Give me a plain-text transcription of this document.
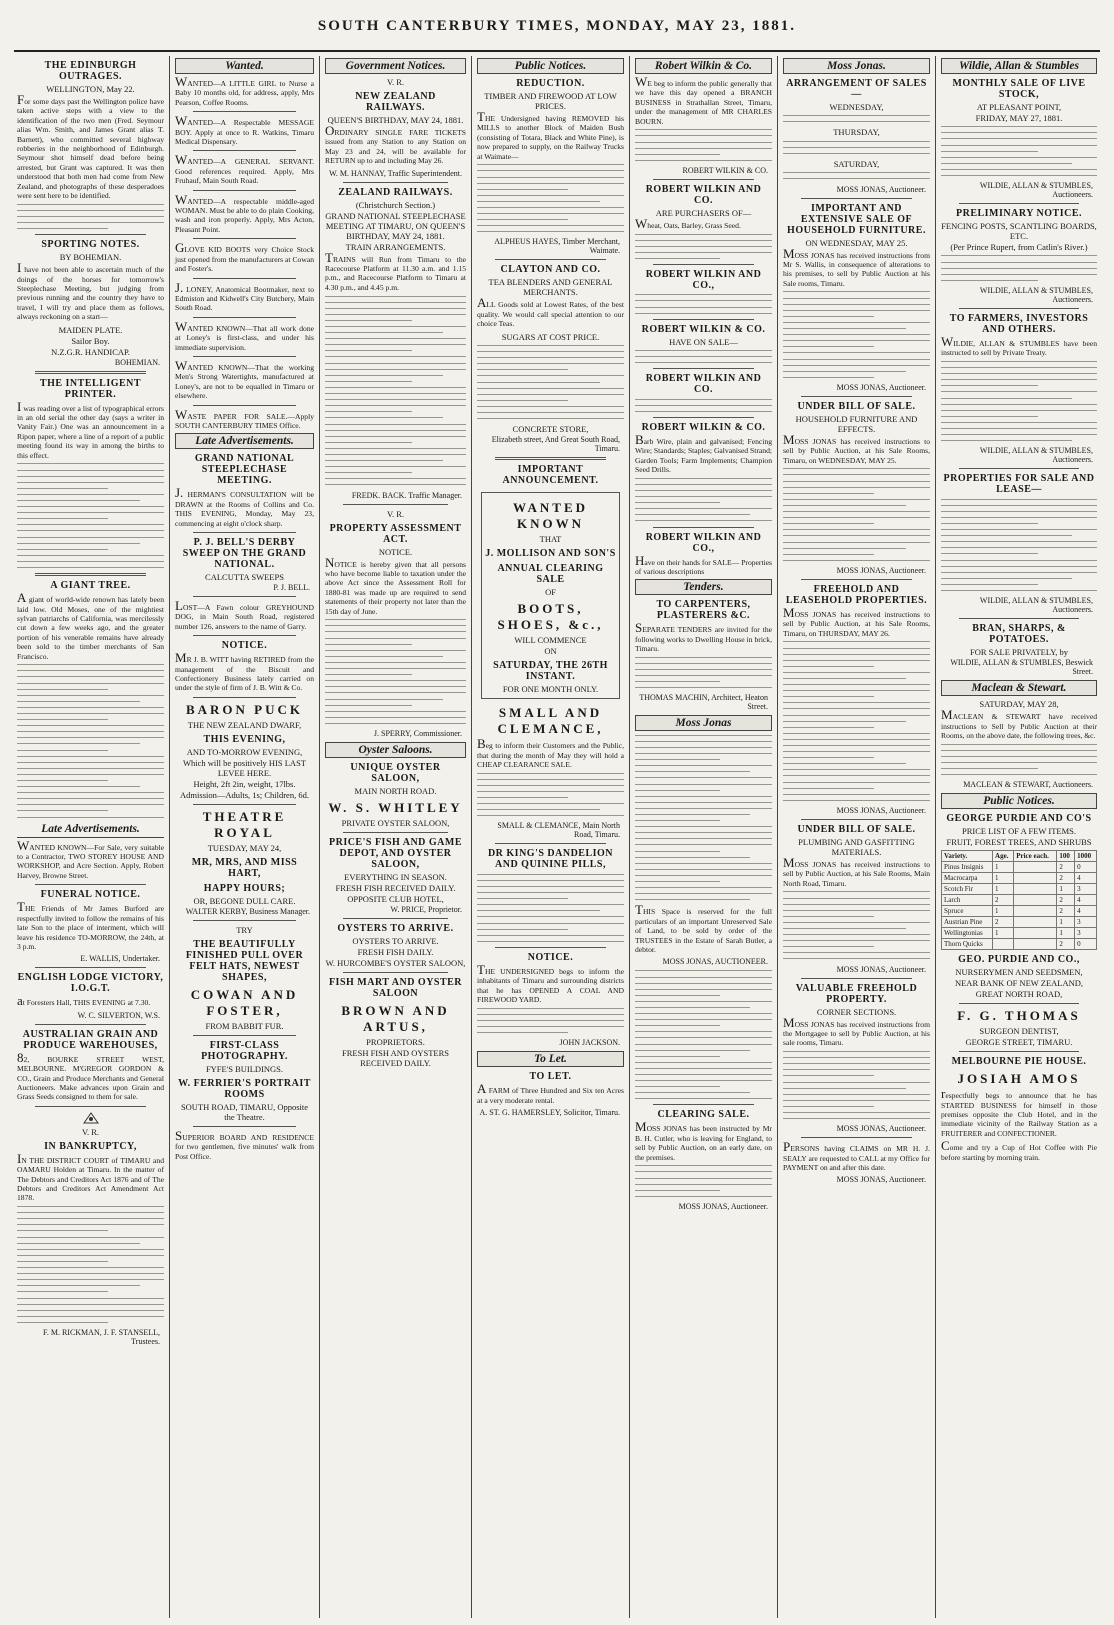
SOUTH CANTERBURY TIMES, MONDAY, MAY 23, 1881.
THE EDINBURGH OUTRAGES.
WELLINGTON, May 22.
For some days past the Wellington police have taken active steps with a view to the identification of the two men (Fred. Seymour alias Wm. Smith, and James Grant alias T. Barnett), who committed several highway robberies in the neighborhood of Edinburgh. Seymour shot himself dead before being arrested, but Grant was captured. It was then understood that both men had come from New Zealand, and photographs of these desperadoes were sent here to be identified.
SPORTING NOTES.
BY BOHEMIAN.
I have not been able to ascertain much of the doings of the horses for tomorrow's Steeplechase Meeting, but judging from previous running and the country they have to travel, I will try and place them as follows, always reckoning on a start—
MAIDEN PLATE.
Sailor Boy.
N.Z.G.R. HANDICAP.
BOHEMIAN.
THE INTELLIGENT PRINTER.
I was reading over a list of typographical errors in an old serial the other day (says a writer in Vanity Fair.) One was an announcement in a Ripon paper, where a line of a report of a public meeting found its way in among the births to this effect.
A GIANT TREE.
A giant of world-wide renown has lately been laid low. Old Moses, one of the mightiest sylvan patriarchs of California, was mercilessly cut down a few weeks ago, and the greater portion of his venerable remains have already been sold to the timber merchants of San Francisco.
Late Advertisements.
WANTED KNOWN—For Sale, very suitable to a Contractor, TWO STOREY HOUSE AND WORKSHOP, and Acre Section. Apply, Robert Harvey, Browne Street.
FUNERAL NOTICE.
THE Friends of Mr James Burford are respectfully invited to follow the remains of his late Son to the place of interment, which will leave his residence TO-MORROW, the 24th, at 3 p.m.
E. WALLIS, Undertaker.
ENGLISH LODGE VICTORY, I.O.G.T.
at Foresters Hall, THIS EVENING at 7.30.
W. C. SILVERTON, W.S.
AUSTRALIAN GRAIN AND PRODUCE WAREHOUSES,
82, BOURKE STREET WEST, MELBOURNE. M'GREGOR GORDON & CO., Grain and Produce Merchants and General Auctioneers. Make advances upon Grain and Grass Seeds consigned to them for sale.
V. R.
IN BANKRUPTCY,
IN THE DISTRICT COURT of TIMARU and OAMARU Holden at Timaru. In the matter of The Debtors and Creditors Act 1876 and of The Debtors and Creditors Act Amendment Act 1878.
F. M. RICKMAN, J. F. STANSELL, Trustees.
Wanted.
WANTED—A LITTLE GIRL to Nurse a Baby 10 months old, for address, apply, Mrs Pearson, Coffee Rooms.
WANTED—A Respectable MESSAGE BOY. Apply at once to R. Watkins, Timaru Medical Dispensary.
WANTED—A GENERAL SERVANT. Good references required. Apply, Mrs Fruhauf, Main South Road.
WANTED—A respectable middle-aged WOMAN. Must be able to do plain Cooking, wash and iron properly. Apply, Mrs Acton, Pleasant Point.
GLOVE KID BOOTS very Choice Stock just opened from the manufacturers at Cowan and Foster's.
J. LONEY, Anatomical Bootmaker, next to Edmiston and Kidwell's City Butchery, Main South Road.
WANTED KNOWN—That all work done at Loney's is first-class, and under his immediate supervision.
WANTED KNOWN—That the working Men's Strong Watertights, manufactured at Loney's, are not to be equalled in Timaru or elsewhere.
WASTE PAPER FOR SALE.—Apply SOUTH CANTERBURY TIMES Office.
Late Advertisements.
GRAND NATIONAL STEEPLECHASE MEETING.
J. HERMAN'S CONSULTATION will be DRAWN at the Rooms of Collins and Co. THIS EVENING, Monday, May 23, commencing at eight o'clock sharp.
P. J. BELL'S DERBY SWEEP ON THE GRAND NATIONAL.
CALCUTTA SWEEPS
P. J. BELL.
LOST—A Fawn colour GREYHOUND DOG, in Main South Road, registered number 126, answers to the name of Garry.
NOTICE.
MR J. B. WITT having RETIRED from the management of the Biscuit and Confectionery Business lately carried on under the style of firm of J. B. Witt & Co.
BARON PUCK
THE NEW ZEALAND DWARF,
THIS EVENING,
AND TO-MORROW EVENING,
Which will be positively HIS LAST LEVEE HERE.
Height, 2ft 2in, weight, 17lbs.
Admission—Adults, 1s; Children, 6d.
THEATRE ROYAL
TUESDAY, MAY 24,
MR, MRS, AND MISS HART,
HAPPY HOURS;
OR, BEGONE DULL CARE.
WALTER KERBY, Business Manager.
TRY
THE BEAUTIFULLY FINISHED PULL OVER FELT HATS, NEWEST SHAPES,
COWAN AND FOSTER,
FROM BABBIT FUR.
FIRST-CLASS PHOTOGRAPHY.
FYFE'S BUILDINGS.
W. FERRIER'S PORTRAIT ROOMS
SOUTH ROAD, TIMARU, Opposite the Theatre.
SUPERIOR BOARD AND RESIDENCE for two gentlemen, five minutes' walk from Post Office.
Government Notices.
V. R.
NEW ZEALAND RAILWAYS.
QUEEN'S BIRTHDAY, MAY 24, 1881.
ORDINARY SINGLE FARE TICKETS issued from any Station to any Station on May 23 and 24, will be available for RETURN up to and including May 26.
W. M. HANNAY, Traffic Superintendent.
ZEALAND RAILWAYS.
(Christchurch Section.)
GRAND NATIONAL STEEPLECHASE MEETING AT TIMARU, ON QUEEN'S BIRTHDAY, MAY 24, 1881.
TRAIN ARRANGEMENTS.
TRAINS will Run from Timaru to the Racecourse Platform at 11.30 a.m. and 1.15 p.m., and Racecourse Platform to Timaru at 4.30 p.m., and 4.45 p.m.
FREDK. BACK. Traffic Manager.
V. R.
PROPERTY ASSESSMENT ACT.
NOTICE.
NOTICE is hereby given that all persons who have become liable to taxation under the above Act since the Assessment Roll for 1880-81 was made up are required to send statements of their property not later than the 15th day of June.
J. SPERRY, Commissioner.
Oyster Saloons.
UNIQUE OYSTER SALOON,
MAIN NORTH ROAD.
W. S. WHITLEY
PRIVATE OYSTER SALOON,
PRICE'S FISH AND GAME DEPOT, AND OYSTER SALOON,
EVERYTHING IN SEASON.
FRESH FISH RECEIVED DAILY.
OPPOSITE CLUB HOTEL,
W. PRICE, Proprietor.
OYSTERS TO ARRIVE.
OYSTERS TO ARRIVE.
FRESH FISH DAILY.
W. HURCOMBE'S OYSTER SALOON,
FISH MART AND OYSTER SALOON
BROWN AND ARTUS,
PROPRIETORS.
FRESH FISH AND OYSTERS RECEIVED DAILY.
Public Notices.
REDUCTION.
TIMBER AND FIREWOOD AT LOW PRICES.
THE Undersigned having REMOVED his MILLS to another Block of Maiden Bush (consisting of Totara, Black and White Pine), is now prepared to supply, on the Railway Trucks at Waimate—
ALPHEUS HAYES, Timber Merchant, Waimate.
CLAYTON AND CO.
TEA BLENDERS AND GENERAL MERCHANTS.
ALL Goods sold at Lowest Rates, of the best quality. We would call special attention to our choice Teas.
SUGARS AT COST PRICE.
CONCRETE STORE,
Elizabeth street, And Great South Road, Timaru.
IMPORTANT ANNOUNCEMENT.
WANTED KNOWN
THAT
J. MOLLISON AND SON'S
ANNUAL CLEARING SALE
OF
BOOTS, SHOES, &c.,
WILL COMMENCE
ON
SATURDAY, THE 26TH INSTANT.
FOR ONE MONTH ONLY.
SMALL AND CLEMANCE,
Beg to inform their Customers and the Public, that during the month of May they will hold a CHEAP CLEARANCE SALE.
SMALL & CLEMANCE, Main North Road, Timaru.
DR KING'S DANDELION AND QUININE PILLS,
NOTICE.
THE UNDERSIGNED begs to inform the inhabitants of Timaru and surrounding districts that he has OPENED A COAL AND FIREWOOD YARD.
JOHN JACKSON.
To Let.
TO LET.
A FARM of Three Hundred and Six ten Acres at a very moderate rental.
A. ST. G. HAMERSLEY, Solicitor, Timaru.
Robert Wilkin & Co.
WE beg to inform the public generally that we have this day opened a BRANCH BUSINESS in Strathallan Street, Timaru, under the management of MR CHARLES BOURN.
ROBERT WILKIN & CO.
ROBERT WILKIN AND CO.
ARE PURCHASERS OF—
Wheat, Oats, Barley, Grass Seed.
ROBERT WILKIN AND CO.,
ROBERT WILKIN & CO.
HAVE ON SALE—
ROBERT WILKIN AND CO.
ROBERT WILKIN & CO.
Barb Wire, plain and galvanised; Fencing Wire; Standards; Staples; Galvanised Strand; Garden Tools; Farm Implements; Champion Seed Drills.
ROBERT WILKIN AND CO.,
Have on their hands for SALE— Properties of various descriptions
Tenders.
TO CARPENTERS, PLASTERERS &C.
SEPARATE TENDERS are invited for the following works to Dwelling House in brick, Timaru.
THOMAS MACHIN, Architect, Heaton Street.
Moss Jonas
THIS Space is reserved for the full particulars of an important Unreserved Sale of Land, to be sold by order of the TRUSTEES in the Estate of Sarah Butler, a debtor.
MOSS JONAS, AUCTIONEER.
CLEARING SALE.
MOSS JONAS has been instructed by Mr B. H. Cutler, who is leaving for England, to sell by Public Auction, on an early date, on the premises.
MOSS JONAS, Auctioneer.
Moss Jonas.
ARRANGEMENT OF SALES—
WEDNESDAY,
THURSDAY,
SATURDAY,
MOSS JONAS, Auctioneer.
IMPORTANT AND EXTENSIVE SALE OF HOUSEHOLD FURNITURE.
ON WEDNESDAY, MAY 25.
MOSS JONAS has received instructions from Mr S. Wallis, in consequence of alterations to his premises, to sell by Public Auction at his Sale rooms, Timaru.
MOSS JONAS, Auctioneer.
UNDER BILL OF SALE.
HOUSEHOLD FURNITURE AND EFFECTS.
MOSS JONAS has received instructions to sell by Public Auction, at his Sale Rooms, Timaru, on WEDNESDAY, MAY 25.
MOSS JONAS, Auctioneer.
FREEHOLD AND LEASEHOLD PROPERTIES.
MOSS JONAS has received instructions to sell by Public Auction, at his Sale Rooms, Timaru, on THURSDAY, MAY 26.
MOSS JONAS, Auctioneer.
UNDER BILL OF SALE.
PLUMBING AND GASFITTING MATERIALS.
MOSS JONAS has received instructions to sell by Public Auction, at his Sale Rooms, Main North Road, Timaru.
MOSS JONAS, Auctioneer.
VALUABLE FREEHOLD PROPERTY.
CORNER SECTIONS.
MOSS JONAS has received instructions from the Mortgagee to sell by Public Auction, at his sale rooms, Timaru.
MOSS JONAS, Auctioneer.
PERSONS having CLAIMS on MR H. J. SEALY are requested to CALL at my Office for PAYMENT on and after this date.
MOSS JONAS, Auctioneer.
Wildie, Allan & Stumbles
MONTHLY SALE OF LIVE STOCK,
AT PLEASANT POINT,
FRIDAY, MAY 27, 1881.
WILDIE, ALLAN & STUMBLES, Auctioneers.
PRELIMINARY NOTICE.
FENCING POSTS, SCANTLING BOARDS, ETC.
(Per Prince Rupert, from Catlin's River.)
WILDIE, ALLAN & STUMBLES, Auctioneers.
TO FARMERS, INVESTORS AND OTHERS.
WILDIE, ALLAN & STUMBLES have been instructed to sell by Private Treaty.
WILDIE, ALLAN & STUMBLES, Auctioneers.
PROPERTIES FOR SALE AND LEASE—
WILDIE, ALLAN & STUMBLES, Auctioneers.
BRAN, SHARPS, & POTATOES.
FOR SALE PRIVATELY, by
WILDIE, ALLAN & STUMBLES, Beswick Street.
Maclean & Stewart.
SATURDAY, MAY 28,
MACLEAN & STEWART have received instructions to Sell by Public Auction at their Rooms, on the above date, the following trees, &c.
MACLEAN & STEWART, Auctioneers.
Public Notices.
GEORGE PURDIE AND CO'S
PRICE LIST OF A FEW ITEMS.
FRUIT, FOREST TREES, AND SHRUBS
Variety.	Age.	Price each.	100	1000
Pinus Insignis	1		2	0
Macrocarpa	1		2	4
Scotch Fir	1		1	3
Larch	2		2	4
Spruce	1		2	4
Austrian Pine	2		1	3
Wellingtonias	1		1	3
Thorn Quicks			2	0
GEO. PURDIE AND CO.,
NURSERYMEN AND SEEDSMEN,
NEAR BANK OF NEW ZEALAND,
GREAT NORTH ROAD,
F. G. THOMAS
SURGEON DENTIST,
GEORGE STREET, TIMARU.
MELBOURNE PIE HOUSE.
JOSIAH AMOS
respectfully begs to announce that he has STARTED BUSINESS for himself in those premises opposite the Club Hotel, and in the immediate vicinity of the Railway Station as a FRUITERER and CONFECTIONER.
Come and try a Cup of Hot Coffee with Pie before starting by morning train.
